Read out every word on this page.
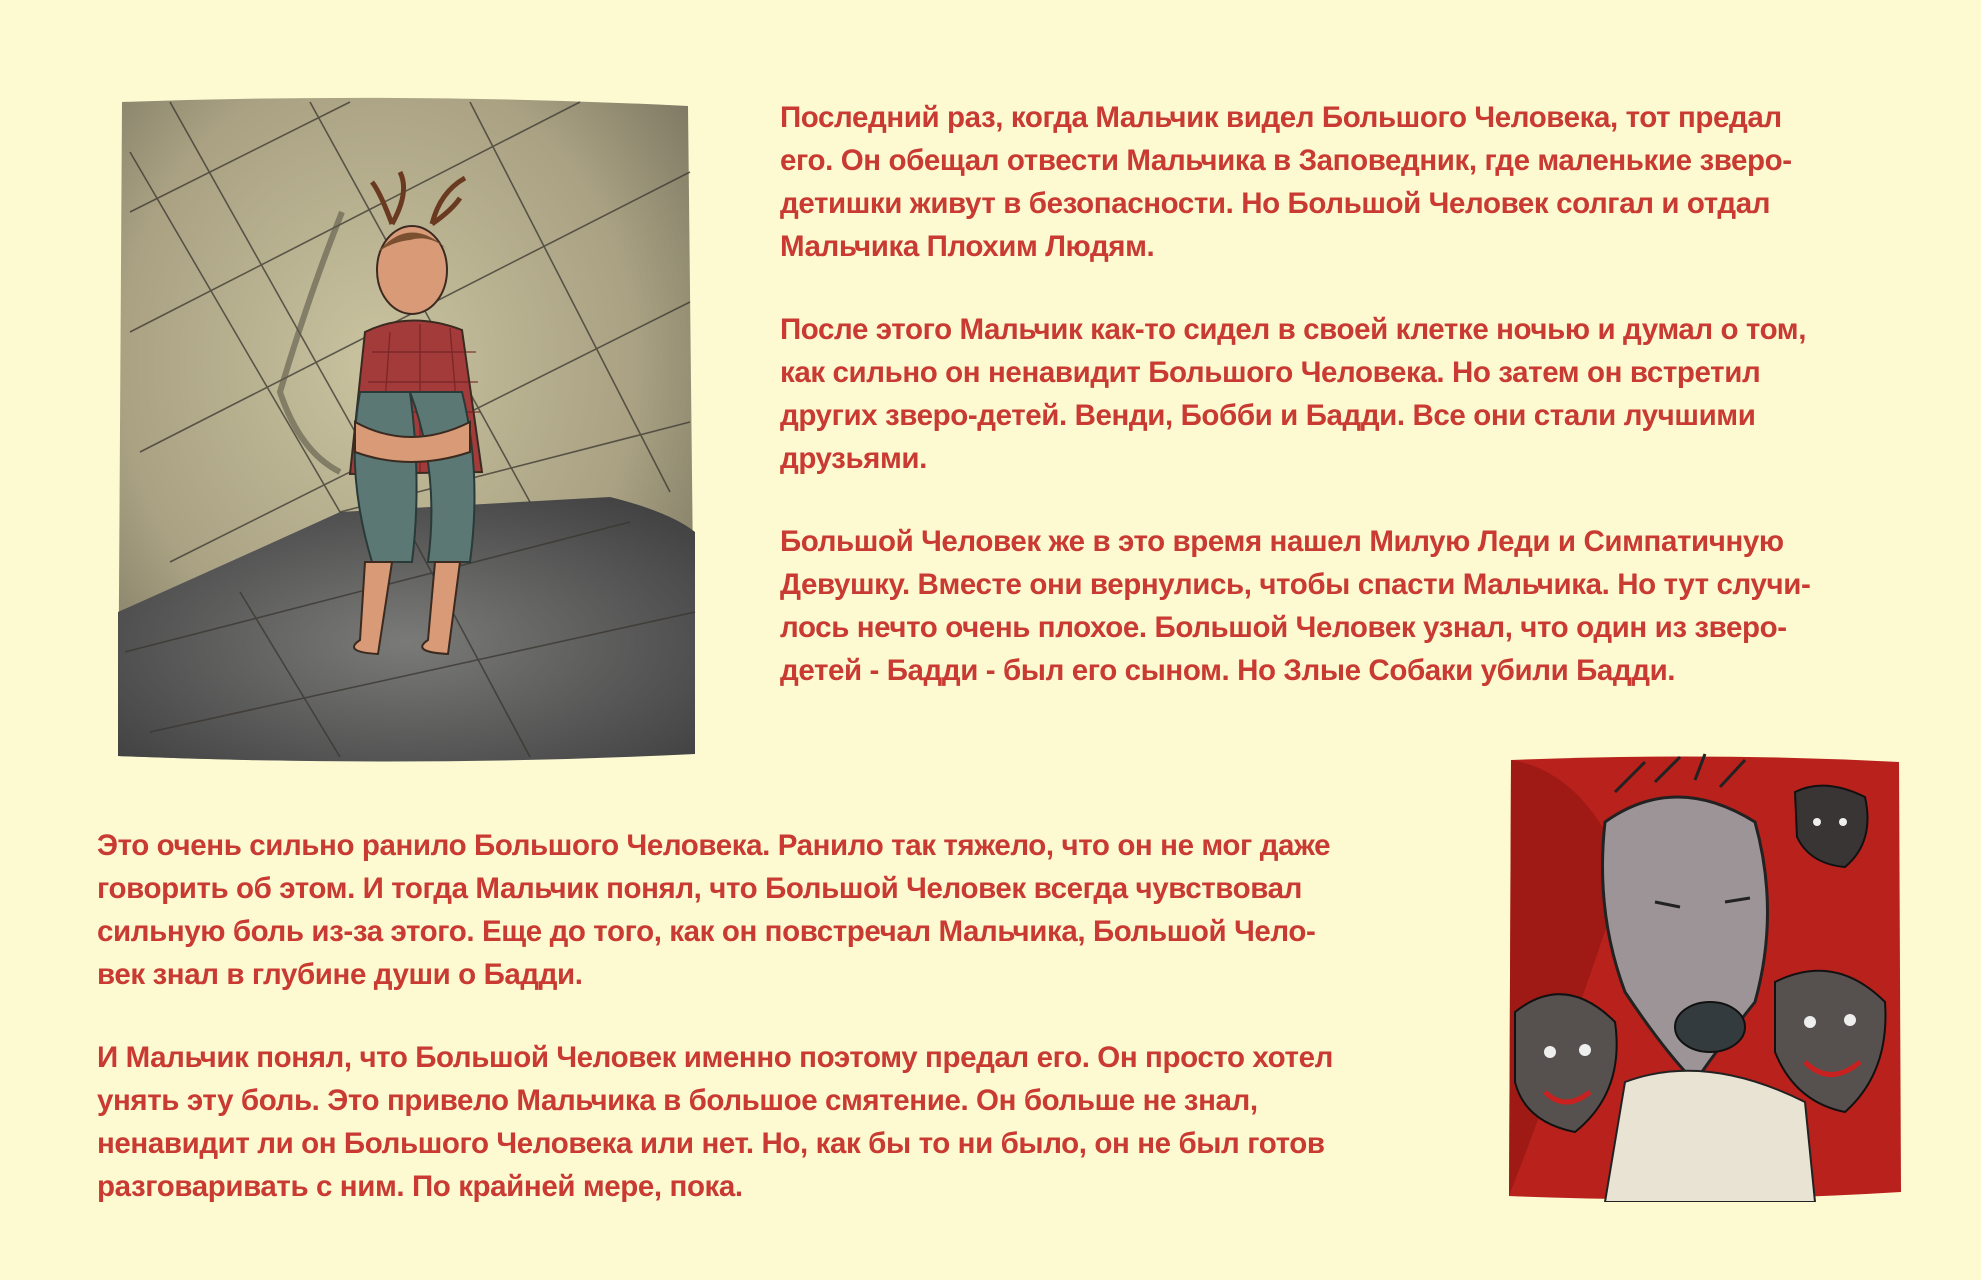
Последний раз, когда Мальчик видел Большого Человека, тот предал
его. Он обещал отвести Мальчика в Заповедник, где маленькие зверо-
детишки живут в безопасности. Но Большой Человек солгал и отдал
Мальчика Плохим Людям.

После этого Мальчик как-то сидел в своей клетке ночью и думал о том,
как сильно он ненавидит Большого Человека. Но затем он встретил
других зверо-детей. Венди, Бобби и Бадди. Все они стали лучшими
друзьями.

Большой Человек же в это время нашел Милую Леди и Симпатичную
Девушку. Вместе они вернулись, чтобы спасти Мальчика. Но тут случи-
лось нечто очень плохое. Большой Человек узнал, что один из зверо-
детей - Бадди - был его сыном. Но Злые Собаки убили Бадди.

Это очень сильно ранило Большого Человека. Ранило так тяжело, что он не мог даже
говорить об этом. И тогда Мальчик понял, что Большой Человек всегда чувствовал
сильную боль из-за этого. Еще до того, как он повстречал Мальчика, Большой Чело-
век знал в глубине души о Бадди.

И Мальчик понял, что Большой Человек именно поэтому предал его. Он просто хотел
унять эту боль. Это привело Мальчика в большое смятение. Он больше не знал,
ненавидит ли он Большого Человека или нет. Но, как бы то ни было, он не был готов
разговаривать с ним. По крайней мере, пока.
